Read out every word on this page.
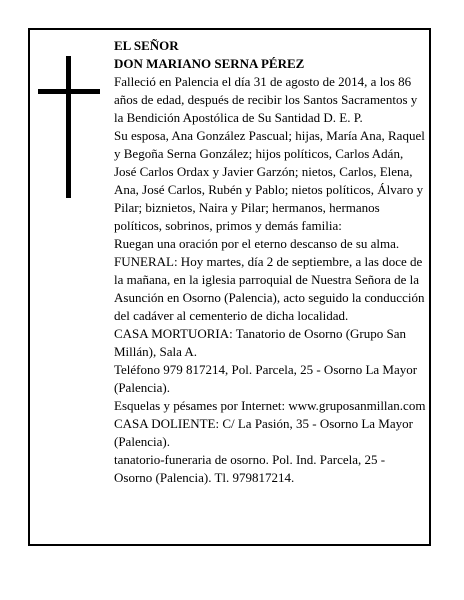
EL SEÑOR

DON MARIANO SERNA PÉREZ

Falleció en Palencia el día 31 de agosto de 2014, a los 86 años de edad, después de recibir los Santos Sacramentos y la Bendición Apostólica de Su Santidad D. E. P.

Su esposa, Ana González Pascual; hijas, María Ana, Raquel y Begoña Serna González; hijos políticos, Carlos Adán, José Carlos Ordax y Javier Garzón; nietos, Carlos, Elena, Ana, José Carlos, Rubén y Pablo; nietos políticos, Álvaro y Pilar; biznietos, Naira y Pilar; hermanos, hermanos políticos, sobrinos, primos y demás familia:

Ruegan una oración por el eterno descanso de su alma.

FUNERAL: Hoy martes, día 2 de septiembre, a las doce de la mañana, en la iglesia parroquial de Nuestra Señora de la Asunción en Osorno (Palencia), acto seguido la conducción del cadáver al cementerio de dicha localidad.

CASA MORTUORIA: Tanatorio de Osorno (Grupo San Millán), Sala A.

Teléfono 979 817214, Pol. Parcela, 25 - Osorno La Mayor (Palencia).

Esquelas y pésames por Internet: www.gruposanmillan.com

CASA DOLIENTE: C/ La Pasión, 35 - Osorno La Mayor (Palencia).

tanatorio-funeraria de osorno. Pol. Ind. Parcela, 25 - Osorno (Palencia). Tl. 979817214.
